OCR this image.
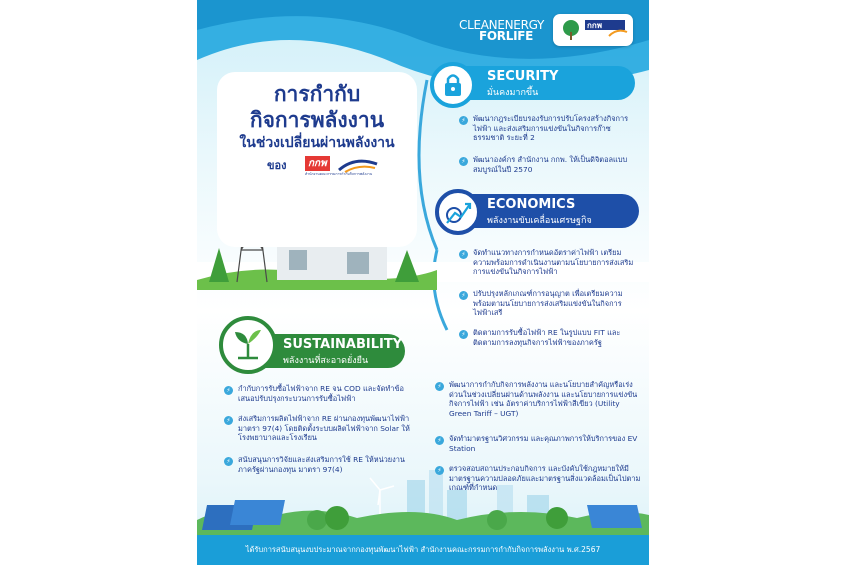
CLEANENERGY
FORLIFE
กกพ
การกำกับ
กิจการพลังงาน
ในช่วงเปลี่ยนผ่านพลังงาน
ของ	กกพ
สำนักงานคณะกรรมการกำกับกิจการพลังงาน
SECURITY
มั่นคงมากขึ้น
⚡ พัฒนากฎระเบียบรองรับการปรับโครงสร้างกิจการไฟฟ้า และส่งเสริมการแข่งขันในกิจการก๊าซธรรมชาติ ระยะที่ 2
⚡ พัฒนาองค์กร สำนักงาน กกพ. ให้เป็นดิจิตอลแบบสมบูรณ์ในปี 2570
ECONOMICS
พลังงานขับเคลื่อนเศรษฐกิจ
⚡ จัดทำแนวทางการกำหนดอัตราค่าไฟฟ้า เตรียมความพร้อมการดำเนินงานตามนโยบายการส่งเสริมการแข่งขันในกิจการไฟฟ้า
⚡ ปรับปรุงหลักเกณฑ์การอนุญาต เพื่อเตรียมความพร้อมตามนโยบายการส่งเสริมแข่งขันในกิจการไฟฟ้าเสรี
⚡ ติดตามการรับซื้อไฟฟ้า RE ในรูปแบบ FIT และติดตามการลงทุนกิจการไฟฟ้าของภาครัฐ
SUSTAINABILITY
พลังงานที่สะอาดยั่งยืน
⚡ กำกับการรับซื้อไฟฟ้าจาก RE จน COD และจัดทำข้อเสนอปรับปรุงกระบวนการรับซื้อไฟฟ้า
⚡ ส่งเสริมการผลิตไฟฟ้าจาก RE ผ่านกองทุนพัฒนาไฟฟ้า มาตรา 97(4) โดยติดตั้งระบบผลิตไฟฟ้าจาก Solar ให้โรงพยาบาลและโรงเรียน
⚡ สนับสนุนการวิจัยและส่งเสริมการใช้ RE ให้หน่วยงานภาครัฐผ่านกองทุน มาตรา 97(4)
⚡ พัฒนาการกำกับกิจการพลังงาน และนโยบายสำคัญหรือเร่งด่วนในช่วงเปลี่ยนผ่านด้านพลังงาน และนโยบายการแข่งขันกิจการไฟฟ้า เช่น อัตราค่าบริการไฟฟ้าสีเขียว (Utility Green Tariff – UGT)
⚡ จัดทำมาตรฐานวิศวกรรม และคุณภาพการให้บริการของ EV Station
⚡ ตรวจสอบสถานประกอบกิจการ และบังคับใช้กฎหมายให้มีมาตรฐานความปลอดภัยและมาตรฐานสิ่งแวดล้อมเป็นไปตามเกณฑ์ที่กำหนด
ได้รับการสนับสนุนงบประมาณจากกองทุนพัฒนาไฟฟ้า สำนักงานคณะกรรมการกำกับกิจการพลังงาน พ.ศ.2567
